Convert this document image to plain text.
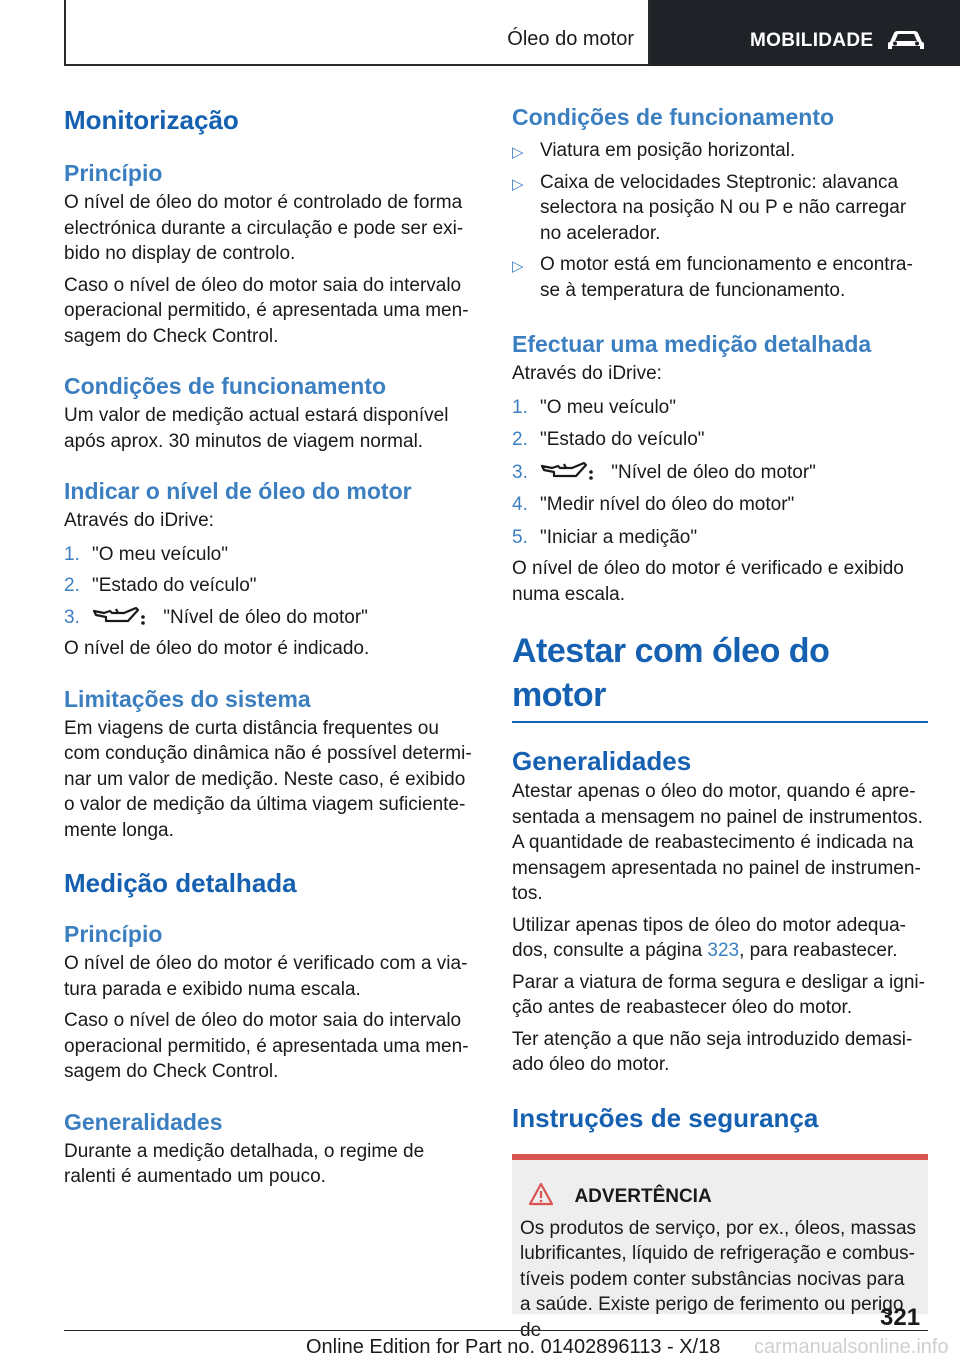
Óleo do motor	MOBILIDADE
Monitorização
Princípio
O nível de óleo do motor é controlado de forma electrónica durante a circulação e pode ser exibido no display de controlo.
Caso o nível de óleo do motor saia do intervalo operacional permitido, é apresentada uma mensagem do Check Control.
Condições de funcionamento
Um valor de medição actual estará disponível após aprox. 30 minutos de viagem normal.
Indicar o nível de óleo do motor
Através do iDrive:
1. "O meu veículo"
2. "Estado do veículo"
3.	"Nível de óleo do motor"
O nível de óleo do motor é indicado.
Limitações do sistema
Em viagens de curta distância frequentes ou com condução dinâmica não é possível determinar um valor de medição. Neste caso, é exibido o valor de medição da última viagem suficientemente longa.
Medição detalhada
Princípio
O nível de óleo do motor é verificado com a viatura parada e exibido numa escala.
Caso o nível de óleo do motor saia do intervalo operacional permitido, é apresentada uma mensagem do Check Control.
Generalidades
Durante a medição detalhada, o regime de ralenti é aumentado um pouco.
Condições de funcionamento
▷ Viatura em posição horizontal.
▷ Caixa de velocidades Steptronic: alavanca selectora na posição N ou P e não carregar no acelerador.
▷ O motor está em funcionamento e encontra-se à temperatura de funcionamento.
Efectuar uma medição detalhada
Através do iDrive:
1. "O meu veículo"
2. "Estado do veículo"
3.	"Nível de óleo do motor"
4. "Medir nível do óleo do motor"
5. "Iniciar a medição"
O nível de óleo do motor é verificado e exibido numa escala.
Atestar com óleo do motor
Generalidades
Atestar apenas o óleo do motor, quando é apresentada a mensagem no painel de instrumentos. A quantidade de reabastecimento é indicada na mensagem apresentada no painel de instrumentos.
Utilizar apenas tipos de óleo do motor adequados, consulte a página 323, para reabastecer.
Parar a viatura de forma segura e desligar a ignição antes de reabastecer óleo do motor.
Ter atenção a que não seja introduzido demasiado óleo do motor.
Instruções de segurança
ADVERTÊNCIA
Os produtos de serviço, por ex., óleos, massas lubrificantes, líquido de refrigeração e combustíveis podem conter substâncias nocivas para a saúde. Existe perigo de ferimento ou perigo de	321
Online Edition for Part no. 01402896113 - X/18 carmanualsonline.info
